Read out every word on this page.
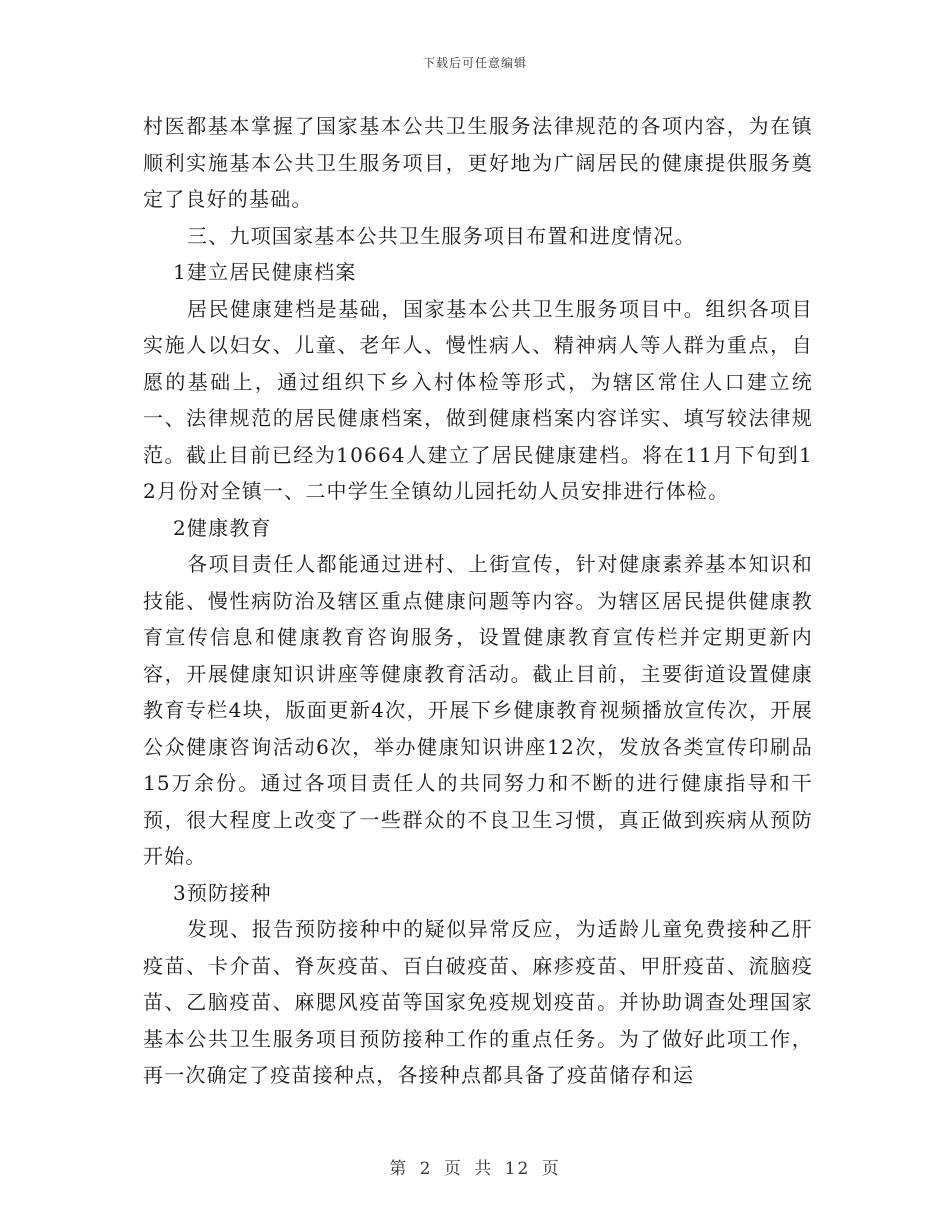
下载后可任意编辑

村医都基本掌握了国家基本公共卫生服务法律规范的各项内容，为在镇顺利实施基本公共卫生服务项目，更好地为广阔居民的健康提供服务奠定了良好的基础。

三、九项国家基本公共卫生服务项目布置和进度情况。

1建立居民健康档案

居民健康建档是基础，国家基本公共卫生服务项目中。组织各项目实施人以妇女、儿童、老年人、慢性病人、精神病人等人群为重点，自愿的基础上，通过组织下乡入村体检等形式，为辖区常住人口建立统一、法律规范的居民健康档案，做到健康档案内容详实、填写较法律规范。截止目前已经为10664人建立了居民健康建档。将在11月下旬到12月份对全镇一、二中学生全镇幼儿园托幼人员安排进行体检。

2健康教育

各项目责任人都能通过进村、上街宣传，针对健康素养基本知识和技能、慢性病防治及辖区重点健康问题等内容。为辖区居民提供健康教育宣传信息和健康教育咨询服务，设置健康教育宣传栏并定期更新内容，开展健康知识讲座等健康教育活动。截止目前，主要街道设置健康教育专栏4块，版面更新4次，开展下乡健康教育视频播放宣传次，开展公众健康咨询活动6次，举办健康知识讲座12次，发放各类宣传印刷品15万余份。通过各项目责任人的共同努力和不断的进行健康指导和干预，很大程度上改变了一些群众的不良卫生习惯，真正做到疾病从预防开始。

3预防接种

发现、报告预防接种中的疑似异常反应，为适龄儿童免费接种乙肝疫苗、卡介苗、脊灰疫苗、百白破疫苗、麻疹疫苗、甲肝疫苗、流脑疫苗、乙脑疫苗、麻腮风疫苗等国家免疫规划疫苗。并协助调查处理国家基本公共卫生服务项目预防接种工作的重点任务。为了做好此项工作，再一次确定了疫苗接种点，各接种点都具备了疫苗储存和运

第 2 页 共 12 页
